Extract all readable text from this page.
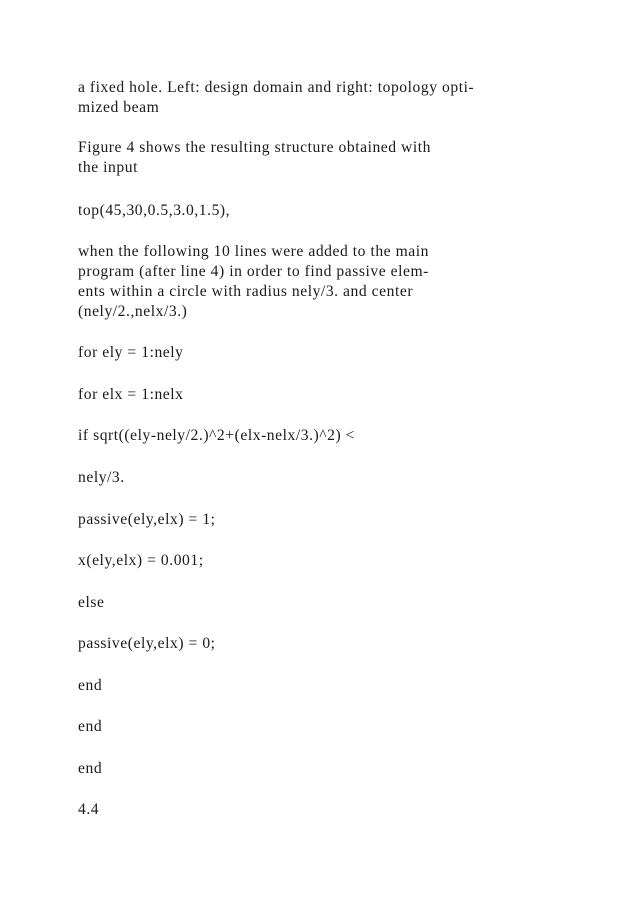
a fixed hole. Left: design domain and right: topology opti-
mized beam

Figure 4 shows the resulting structure obtained with
the input

top(45,30,0.5,3.0,1.5),

when the following 10 lines were added to the main
program (after line 4) in order to find passive elem-
ents within a circle with radius nely/3. and center
(nely/2.,nelx/3.)

for ely = 1:nely

for elx = 1:nelx

if sqrt((ely-nely/2.)^2+(elx-nelx/3.)^2) <

nely/3.

passive(ely,elx) = 1;

x(ely,elx) = 0.001;

else

passive(ely,elx) = 0;

end

end

end

4.4
